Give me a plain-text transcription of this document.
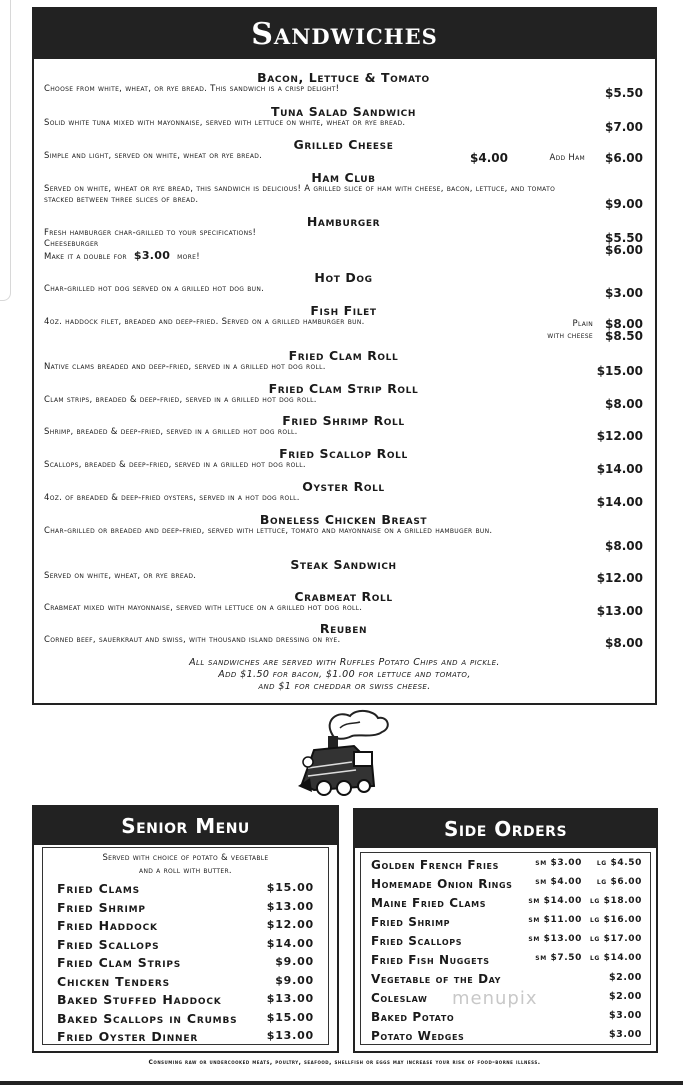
Sandwiches
Bacon, Lettuce & Tomato
Choose from white, wheat, or rye bread. This sandwich is a crisp delight!	$5.50
Tuna Salad Sandwich
Solid white tuna mixed with mayonnaise, served with lettuce on white, wheat or rye bread.	$7.00
Grilled Cheese
Simple and light, served on white, wheat or rye bread.	$4.00	Add Ham $6.00
Ham Club
Served on white, wheat or rye bread, this sandwich is delicious! A grilled slice of ham with cheese, bacon, lettuce, and tomato stacked between three slices of bread.	$9.00
Hamburger
Fresh hamburger char-grilled to your specifications!
Cheeseburger
Make it a double for $3.00 more!
$5.50
$6.00
Hot Dog
Char-grilled hot dog served on a grilled hot dog bun.	$3.00
Fish Filet
4oz. haddock filet, breaded and deep-fried. Served on a grilled hamburger bun.	Plain $8.00
with cheese $8.50
Fried Clam Roll
Native clams breaded and deep-fried, served in a grilled hot dog roll.	$15.00
Fried Clam Strip Roll
Clam strips, breaded & deep-fried, served in a grilled hot dog roll.	$8.00
Fried Shrimp Roll
Shrimp, breaded & deep-fried, served in a grilled hot dog roll.	$12.00
Fried Scallop Roll
Scallops, breaded & deep-fried, served in a grilled hot dog roll.	$14.00
Oyster Roll
4oz. of breaded & deep-fried oysters, served in a hot dog roll.	$14.00
Boneless Chicken Breast
Char-grilled or breaded and deep-fried, served with lettuce, tomato and mayonnaise on a grilled hambuger bun.
$8.00
Steak Sandwich
Served on white, wheat, or rye bread.	$12.00
Crabmeat Roll
Crabmeat mixed with mayonnaise, served with lettuce on a grilled hot dog roll.	$13.00
Reuben
Corned beef, sauerkraut and swiss, with thousand island dressing on rye.	$8.00
All sandwiches are served with Ruffles Potato Chips and a pickle.
Add $1.50 for bacon, $1.00 for lettuce and tomato,
and $1 for cheddar or swiss cheese.
Senior Menu
Served with choice of potato & vegetable
and a roll with butter.
Fried Clams	$15.00
Fried Shrimp	$13.00
Fried Haddock	$12.00
Fried Scallops	$14.00
Fried Clam Strips	$9.00
Chicken Tenders	$9.00
Baked Stuffed Haddock	$13.00
Baked Scallops in Crumbs	$15.00
Fried Oyster Dinner	$13.00
Side Orders
Golden French Fries	sm $3.00 lg $4.50
Homemade Onion Rings	sm $4.00 lg $6.00
Maine Fried Clams	sm $14.00 lg $18.00
Fried Shrimp	sm $11.00 lg $16.00
Fried Scallops	sm $13.00 lg $17.00
Fried Fish Nuggets	sm $7.50 lg $14.00
Vegetable of the Day	$2.00
Coleslaw	$2.00
Baked Potato	$3.00
Potato Wedges	$3.00
menupix
Consuming raw or undercooked meats, poultry, seafood, shellfish or eggs may increase your risk of food-borne illness.
